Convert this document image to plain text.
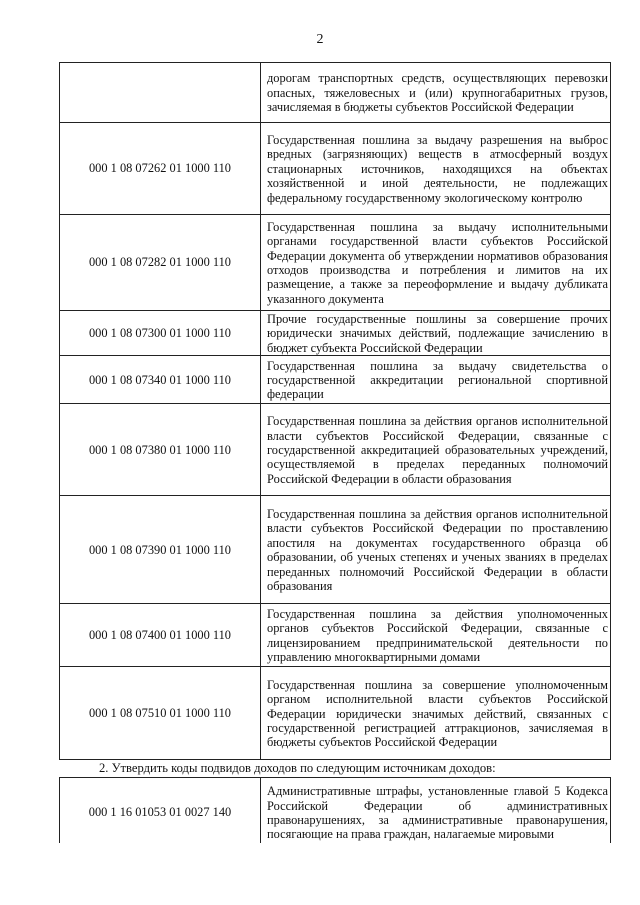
2
	дорогам транспортных средств, осуществляющих перевозки опасных, тяжеловесных и (или) крупногабаритных грузов, зачисляемая в бюджеты субъектов Российской Федерации
000 1 08 07262 01 1000 110	Государственная пошлина за выдачу разрешения на выброс вредных (загрязняющих) веществ в атмосферный воздух стационарных источников, находящихся на объектах хозяйственной и иной деятельности, не подлежащих федеральному государственному экологическому контролю
000 1 08 07282 01 1000 110	Государственная пошлина за выдачу исполнительными органами государственной власти субъектов Российской Федерации документа об утверждении нормативов образования отходов производства и потребления и лимитов на их размещение, а также за переоформление и выдачу дубликата указанного документа
000 1 08 07300 01 1000 110	Прочие государственные пошлины за совершение прочих юридически значимых действий, подлежащие зачислению в бюджет субъекта Российской Федерации
000 1 08 07340 01 1000 110	Государственная пошлина за выдачу свидетельства о государственной аккредитации региональной спортивной федерации
000 1 08 07380 01 1000 110	Государственная пошлина за действия органов исполнительной власти субъектов Российской Федерации, связанные с государственной аккредитацией образовательных учреждений, осуществляемой в пределах переданных полномочий Российской Федерации в области образования
000 1 08 07390 01 1000 110	Государственная пошлина за действия органов исполнительной власти субъектов Российской Федерации по проставлению апостиля на документах государственного образца об образовании, об ученых степенях и ученых званиях в пределах переданных полномочий Российской Федерации в области образования
000 1 08 07400 01 1000 110	Государственная пошлина за действия уполномоченных органов субъектов Российской Федерации, связанные с лицензированием предпринимательской деятельности по управлению многоквартирными домами
000 1 08 07510 01 1000 110	Государственная пошлина за совершение уполномоченным органом исполнительной власти субъектов Российской Федерации юридически значимых действий, связанных с государственной регистрацией аттракционов, зачисляемая в бюджеты субъектов Российской Федерации
2. Утвердить коды подвидов доходов по следующим источникам доходов:
000 1 16 01053 01 0027 140	Административные штрафы, установленные главой 5 Кодекса Российской Федерации об административных правонарушениях, за административные правонарушения, посягающие на права граждан, налагаемые мировыми
